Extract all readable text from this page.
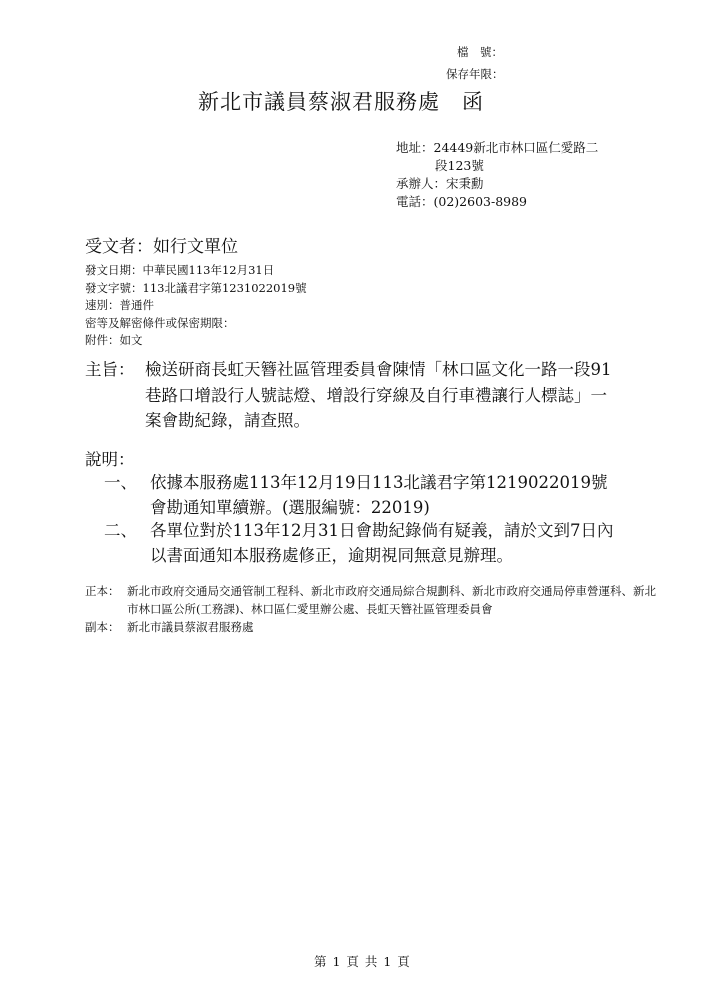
檔　號：
保存年限：
新北市議員蔡淑君服務處　函
地址：24449新北市林口區仁愛路二
段123號
承辦人：宋秉勳
電話：(02)2603-8989
受文者：如行文單位
發文日期：中華民國113年12月31日
發文字號：113北議君字第1231022019號
速別：普通件
密等及解密條件或保密期限：
附件：如文
主旨： 檢送研商長虹天簪社區管理委員會陳情「林口區文化一路一段91巷路口增設行人號誌燈、增設行穿線及自行車禮讓行人標誌」一案會勘紀錄，請查照。
說明：
一、 依據本服務處113年12月19日113北議君字第1219022019號會勘通知單續辦。(選服編號：22019)
二、 各單位對於113年12月31日會勘紀錄倘有疑義，請於文到7日內以書面通知本服務處修正，逾期視同無意見辦理。
正本： 新北市政府交通局交通管制工程科、新北市政府交通局綜合規劃科、新北市政府交通局停車營運科、新北市林口區公所(工務課)、林口區仁愛里辦公處、長虹天簪社區管理委員會
副本： 新北市議員蔡淑君服務處
第 1 頁 共 1 頁
